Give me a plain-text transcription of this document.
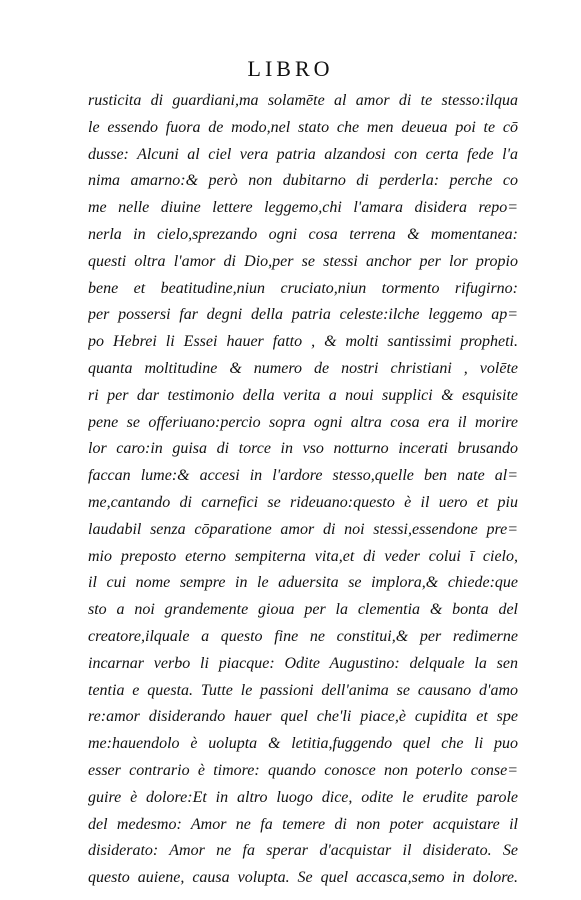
LIBRO
rusticita di guardiani,ma solamēte al amor di te stesso:ilqua
le essendo fuora de modo,nel stato che men deueua poi te cō
dusse: Alcuni al ciel vera patria alzandosi con certa fede l'a
nima amarno:& però non dubitarno di perderla: perche co
me nelle diuine lettere leggemo,chi l'amara disidera repo=
nerla in cielo,sprezando ogni cosa terrena & momentanea:
questi oltra l'amor di Dio,per se stessi anchor per lor propio
bene et beatitudine,niun cruciato,niun tormento rifugirno:
per possersi far degni della patria celeste:ilche leggemo ap=
po Hebrei li Essei hauer fatto , & molti santissimi propheti.
quanta moltitudine & numero de nostri christiani , volēte
ri per dar testimonio della verita a noui supplici & esquisite
pene se offeriuano:percio sopra ogni altra cosa era il morire
lor caro:in guisa di torce in vso notturno incerati brusando
faccan lume:& accesi in l'ardore stesso,quelle ben nate al=
me,cantando di carnefici se rideuano:questo è il uero et piu
laudabil senza cōparatione amor di noi stessi,essendone pre=
mio preposto eterno sempiterna vita,et di veder colui ī cielo,
il cui nome sempre in le aduersita se implora,& chiede:que
sto a noi grandemente gioua per la clementia & bonta del
creatore,ilquale a questo fine ne constitui,& per redimerne
incarnar verbo li piacque: Odite Augustino: delquale la sen
tentia e questa. Tutte le passioni dell'anima se causano d'amo
re:amor disiderando hauer quel che'li piace,è cupidita et spe
me:hauendolo è uolupta & letitia,fuggendo quel che li puo
esser contrario è timore: quando conosce non poterlo conse=
guire è dolore:Et in altro luogo dice, odite le erudite parole
del medesmo: Amor ne fa temere di non poter acquistare il
disiderato: Amor ne fa sperar d'acquistar il disiderato. Se
questo auiene, causa volupta. Se quel accasca,semo in dolore.
